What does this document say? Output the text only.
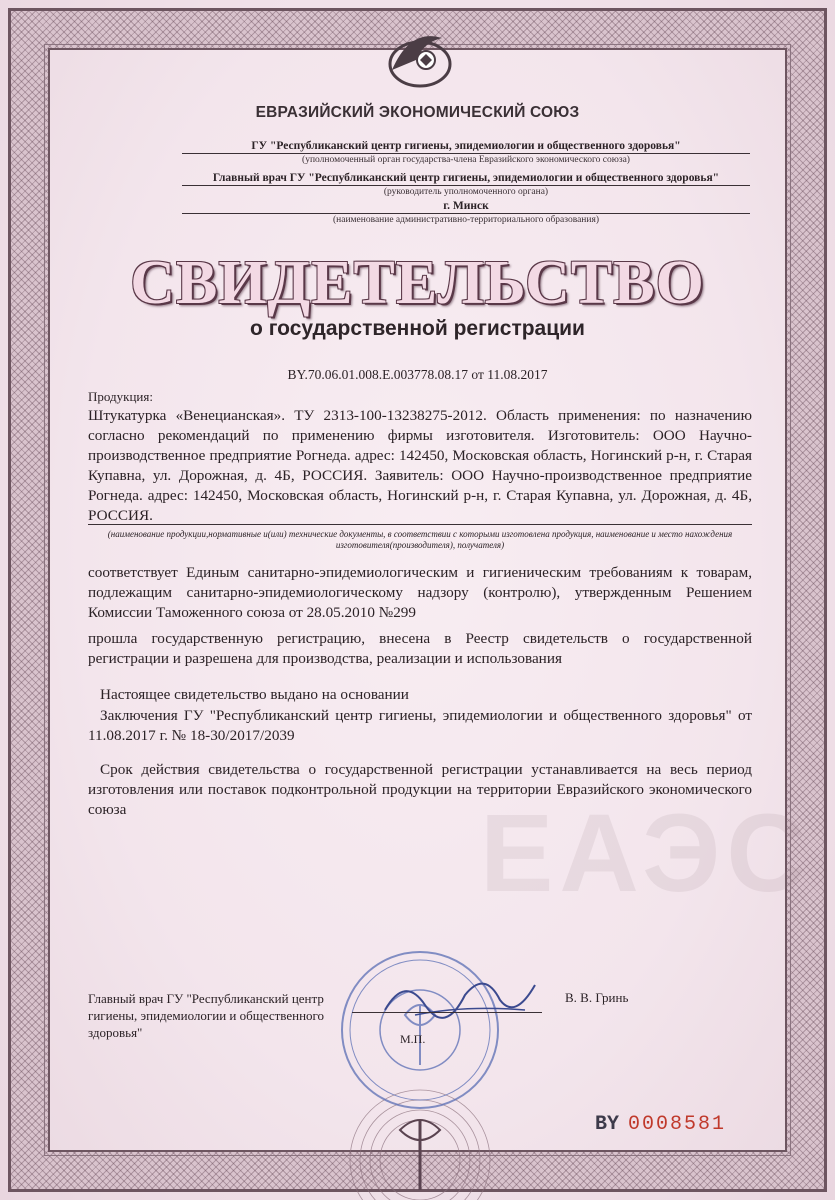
ЕВРАЗИЙСКИЙ ЭКОНОМИЧЕСКИЙ СОЮЗ
ГУ "Республиканский центр гигиены, эпидемиологии и общественного здоровья"
(уполномоченный орган государства-члена Евразийского экономического союза)
Главный врач ГУ "Республиканский центр гигиены, эпидемиологии и общественного здоровья"
(руководитель уполномоченного органа)
г. Минск
(наименование административно-территориального образования)
СВИДЕТЕЛЬСТВО
о государственной регистрации
BY.70.06.01.008.E.003778.08.17 от 11.08.2017
Продукция:
Штукатурка «Венецианская». ТУ 2313-100-13238275-2012. Область применения: по назначению согласно рекомендаций по применению фирмы изготовителя. Изготовитель: ООО Научно-производственное предприятие Рогнеда. адрес: 142450, Московская область, Ногинский р-н, г. Старая Купавна, ул. Дорожная, д. 4Б, РОССИЯ. Заявитель: ООО Научно-производственное предприятие Рогнеда. адрес: 142450, Московская область, Ногинский р-н, г. Старая Купавна, ул. Дорожная, д. 4Б, РОССИЯ.
(наименование продукции,нормативные и(или) технические документы, в соответствии с которыми изготовлена продукция, наименование и место нахождения изготовителя(производителя), получателя)
соответствует Единым санитарно-эпидемиологическим и гигиеническим требованиям к товарам, подлежащим санитарно-эпидемиологическому надзору (контролю), утвержденным Решением Комиссии Таможенного союза от 28.05.2010 №299
прошла государственную регистрацию, внесена в Реестр свидетельств о государственной регистрации и разрешена для производства, реализации и использования
Настоящее свидетельство выдано на основании
Заключения ГУ "Республиканский центр гигиены, эпидемиологии и общественного здоровья" от 11.08.2017 г. № 18-30/2017/2039
Срок действия свидетельства о государственной регистрации устанавливается на весь период изготовления или поставок подконтрольной продукции на территории Евразийского экономического союза	ЕАЭС
Главный врач ГУ "Республиканский центр гигиены, эпидемиологии и общественного здоровья"
В. В. Гринь
М.П.
BY 0008581
